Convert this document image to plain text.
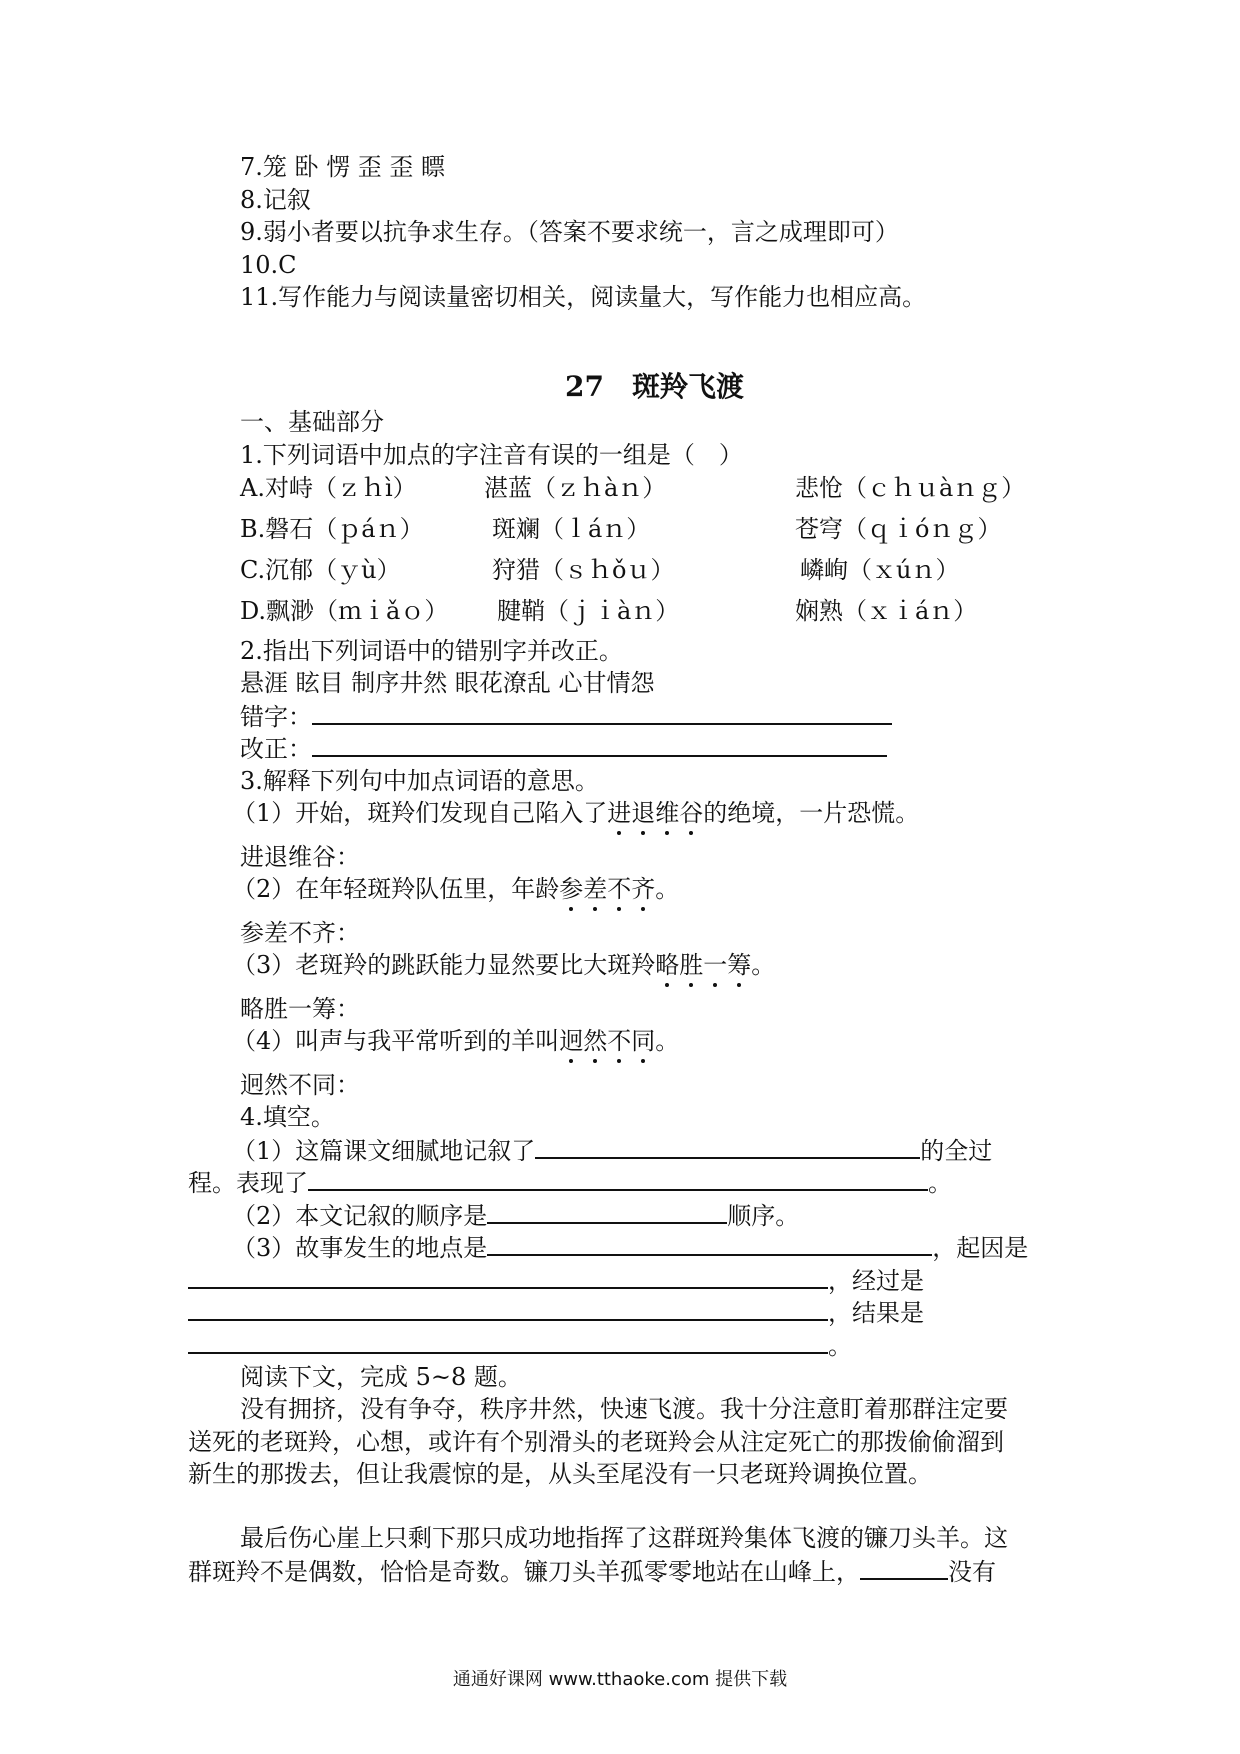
7.笼 卧 愣 歪 歪 瞟
8.记叙
9.弱小者要以抗争求生存。（答案不要求统一，言之成理即可）
10.C
11.写作能力与阅读量密切相关，阅读量大，写作能力也相应高。
27　斑羚飞渡
一、基础部分
1.下列词语中加点的字注音有误的一组是（　）
A.对峙（ｚｈì）	湛蓝（ｚｈàｎ）	悲怆（ｃｈｕàｎｇ）
B.磐石（ｐáｎ）	斑斓（ｌáｎ）	苍穹（ｑｉóｎｇ）
C.沉郁（ｙù）	狩猎（ｓｈǒｕ）	嶙峋（ｘúｎ）
D.飘渺（ｍｉǎｏ） 腱鞘（ｊｉàｎ）	娴熟（ｘｉáｎ）
2.指出下列词语中的错别字并改正。
悬涯 眩目 制序井然 眼花潦乱 心甘情怨
错字：
改正：
3.解释下列句中加点词语的意思。
（1）开始，斑羚们发现自己陷入了进退维谷的绝境，一片恐慌。
进退维谷：
（2）在年轻斑羚队伍里，年龄参差不齐。
参差不齐：
（3）老斑羚的跳跃能力显然要比大斑羚略胜一筹。
略胜一筹：
（4）叫声与我平常听到的羊叫迥然不同。
迥然不同：
4.填空。
（1）这篇课文细腻地记叙了	的全过
程。表现了	。
（2）本文记叙的顺序是	顺序。
（3）故事发生的地点是	，起因是
，经过是
，结果是
。
阅读下文，完成 5~8 题。
没有拥挤，没有争夺，秩序井然，快速飞渡。我十分注意盯着那群注定要
送死的老斑羚，心想，或许有个别滑头的老斑羚会从注定死亡的那拨偷偷溜到
新生的那拨去，但让我震惊的是，从头至尾没有一只老斑羚调换位置。
最后伤心崖上只剩下那只成功地指挥了这群斑羚集体飞渡的镰刀头羊。这
群斑羚不是偶数，恰恰是奇数。镰刀头羊孤零零地站在山峰上，	没有
通通好课网 www.tthaoke.com 提供下载
